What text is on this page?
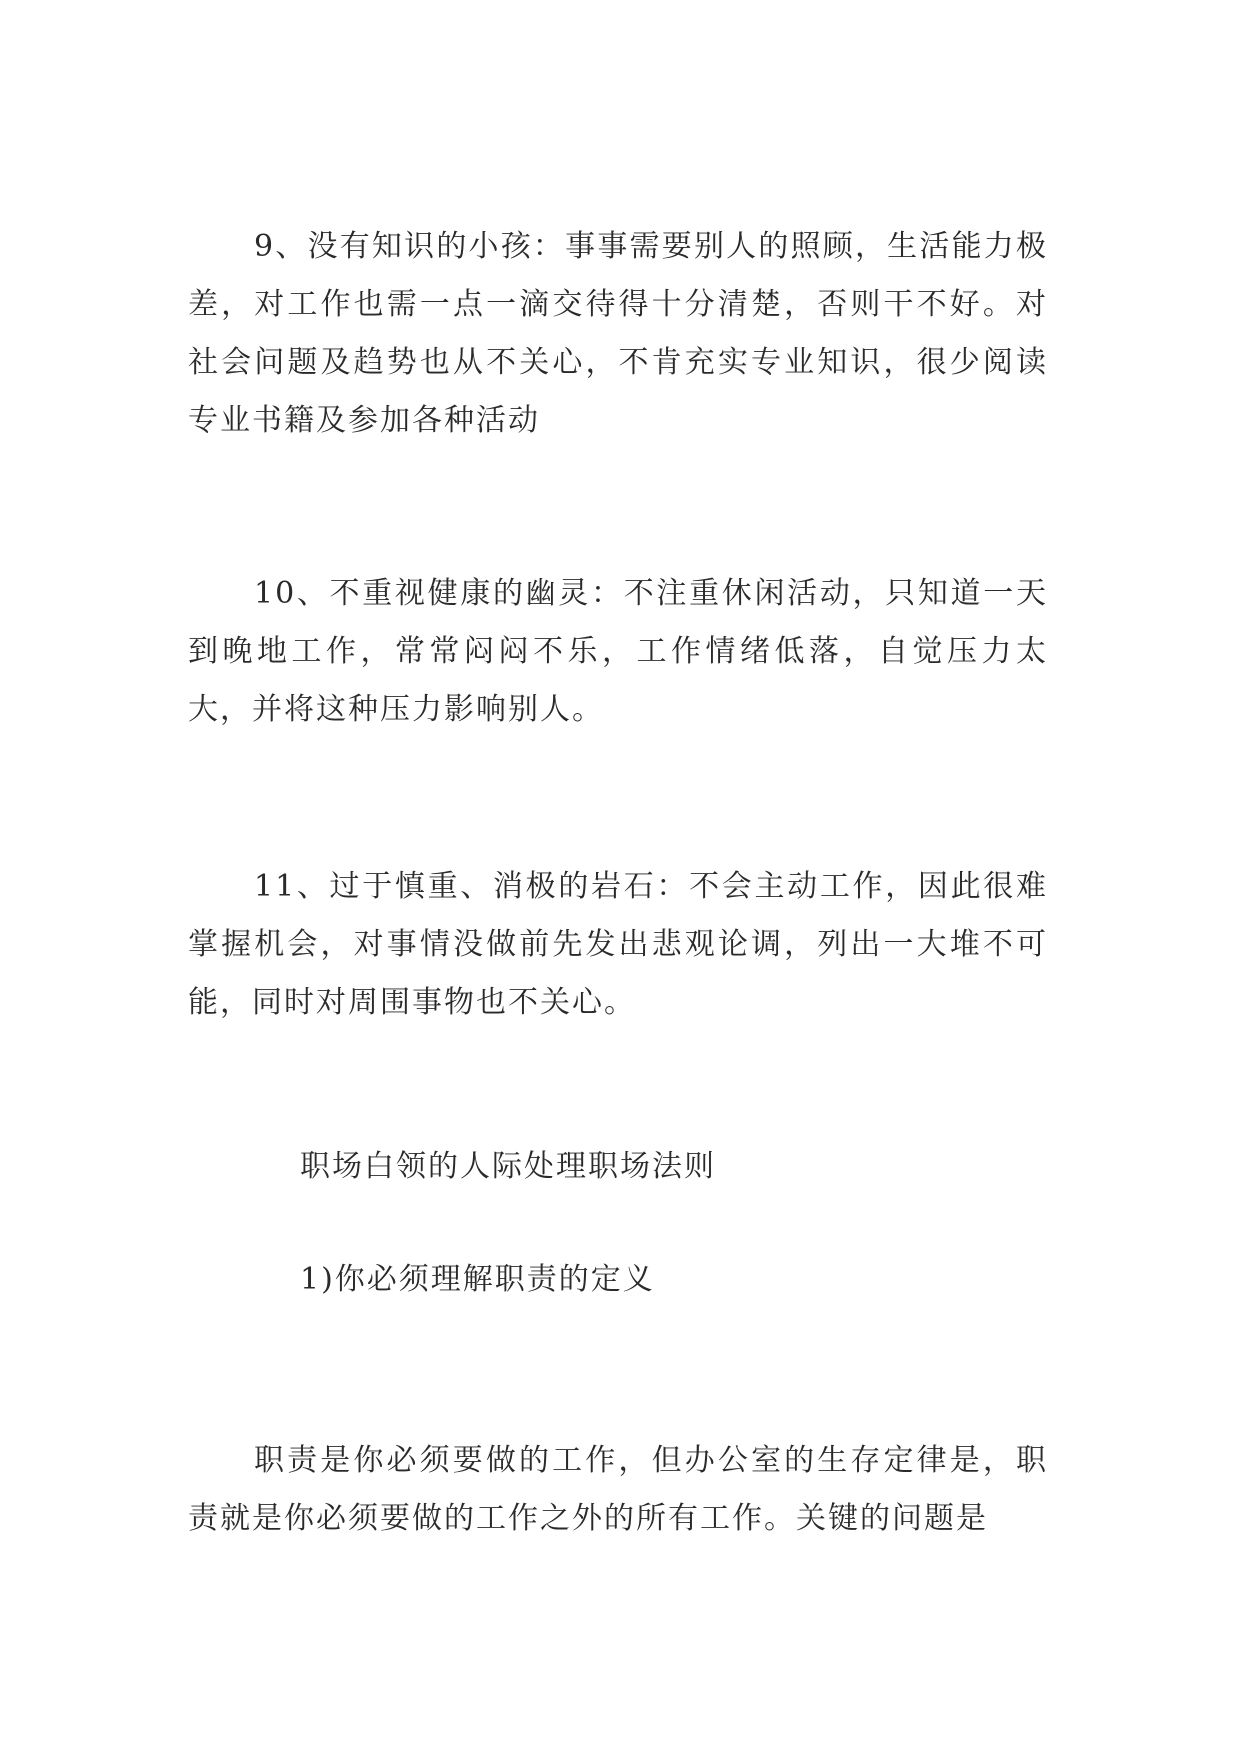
9、没有知识的小孩：事事需要别人的照顾，生活能力极差，对工作也需一点一滴交待得十分清楚，否则干不好。对社会问题及趋势也从不关心，不肯充实专业知识，很少阅读专业书籍及参加各种活动

10、不重视健康的幽灵：不注重休闲活动，只知道一天到晚地工作，常常闷闷不乐，工作情绪低落，自觉压力太大，并将这种压力影响别人。

11、过于慎重、消极的岩石：不会主动工作，因此很难掌握机会，对事情没做前先发出悲观论调，列出一大堆不可能，同时对周围事物也不关心。

职场白领的人际处理职场法则

1)你必须理解职责的定义

职责是你必须要做的工作，但办公室的生存定律是，职责就是你必须要做的工作之外的所有工作。关键的问题是
